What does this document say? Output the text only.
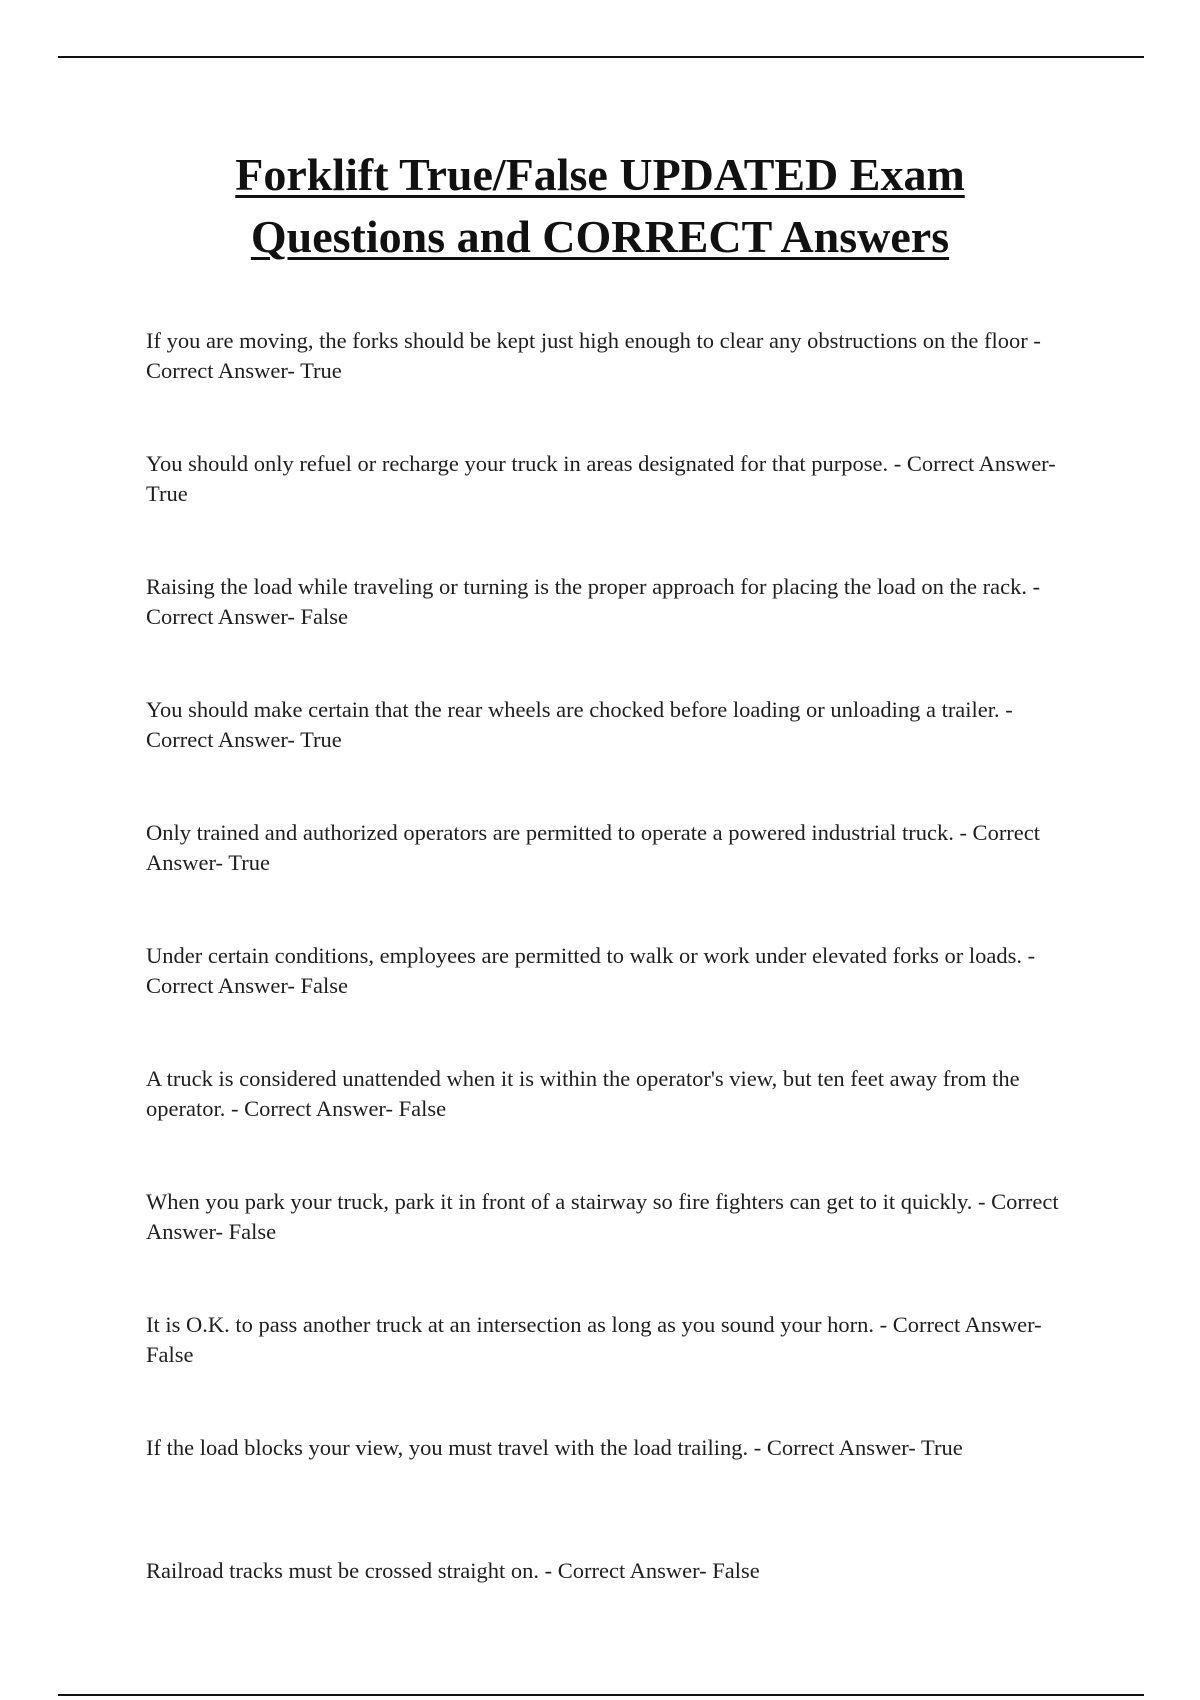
Forklift True/False UPDATED Exam
Questions and CORRECT Answers
If you are moving, the forks should be kept just high enough to clear any obstructions on the floor - Correct Answer- True
You should only refuel or recharge your truck in areas designated for that purpose. - Correct Answer- True
Raising the load while traveling or turning is the proper approach for placing the load on the rack. - Correct Answer- False
You should make certain that the rear wheels are chocked before loading or unloading a trailer. - Correct Answer- True
Only trained and authorized operators are permitted to operate a powered industrial truck. - Correct Answer- True
Under certain conditions, employees are permitted to walk or work under elevated forks or loads. - Correct Answer- False
A truck is considered unattended when it is within the operator's view, but ten feet away from the operator. - Correct Answer- False
When you park your truck, park it in front of a stairway so fire fighters can get to it quickly. - Correct Answer- False
It is O.K. to pass another truck at an intersection as long as you sound your horn. - Correct Answer- False
If the load blocks your view, you must travel with the load trailing. - Correct Answer- True
Railroad tracks must be crossed straight on. - Correct Answer- False
